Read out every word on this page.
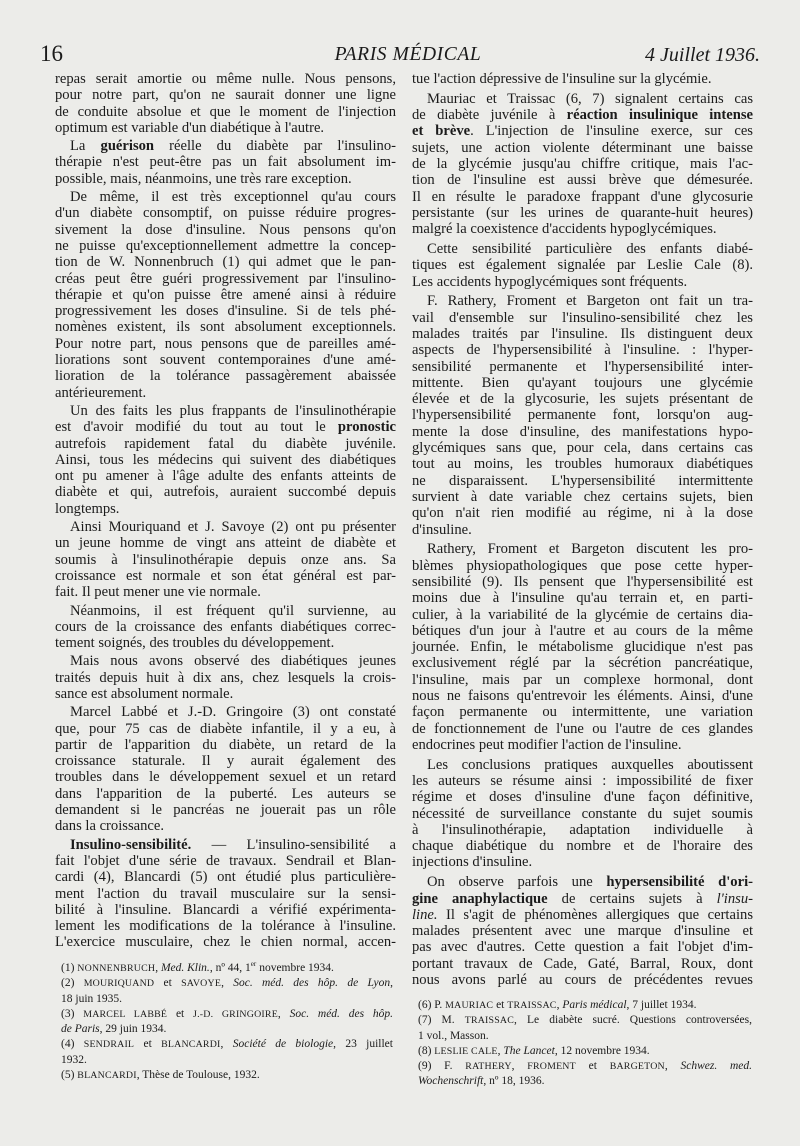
16	PARIS MÉDICAL	4 Juillet 1936.
repas serait amortie ou même nulle. Nous pensons,
pour notre part, qu'on ne saurait donner une ligne
de conduite absolue et que le moment de l'injection
optimum est variable d'un diabétique à l'autre.
La guérison réelle du diabète par l'insulino-
thérapie n'est peut-être pas un fait absolument im-
possible, mais, néanmoins, une très rare exception.
De même, il est très exceptionnel qu'au cours
d'un diabète consomptif, on puisse réduire progres-
sivement la dose d'insuline. Nous pensons qu'on
ne puisse qu'exceptionnellement admettre la concep-
tion de W. Nonnenbruch (1) qui admet que le pan-
créas peut être guéri progressivement par l'insulino-
thérapie et qu'on puisse être amené ainsi à réduire
progressivement les doses d'insuline. Si de tels phé-
nomènes existent, ils sont absolument exceptionnels.
Pour notre part, nous pensons que de pareilles amé-
liorations sont souvent contemporaines d'une amé-
lioration de la tolérance passagèrement abaissée
antérieurement.
Un des faits les plus frappants de l'insulinothérapie
est d'avoir modifié du tout au tout le pronostic
autrefois rapidement fatal du diabète juvénile.
Ainsi, tous les médecins qui suivent des diabétiques
ont pu amener à l'âge adulte des enfants atteints de
diabète et qui, autrefois, auraient succombé depuis
longtemps.
Ainsi Mouriquand et J. Savoye (2) ont pu présenter
un jeune homme de vingt ans atteint de diabète et
soumis à l'insulinothérapie depuis onze ans. Sa
croissance est normale et son état général est par-
fait. Il peut mener une vie normale.
Néanmoins, il est fréquent qu'il survienne, au
cours de la croissance des enfants diabétiques correc-
tement soignés, des troubles du développement.
Mais nous avons observé des diabétiques jeunes
traités depuis huit à dix ans, chez lesquels la crois-
sance est absolument normale.
Marcel Labbé et J.-D. Gringoire (3) ont constaté
que, pour 75 cas de diabète infantile, il y a eu, à
partir de l'apparition du diabète, un retard de la
croissance staturale. Il y aurait également des
troubles dans le développement sexuel et un retard
dans l'apparition de la puberté. Les auteurs se
demandent si le pancréas ne jouerait pas un rôle
dans la croissance.
Insulino-sensibilité. — L'insulino-sensibilité a
fait l'objet d'une série de travaux. Sendrail et Blan-
cardi (4), Blancardi (5) ont étudié plus particulière-
ment l'action du travail musculaire sur la sensi-
bilité à l'insuline. Blancardi a vérifié expérimenta-
lement les modifications de la tolérance à l'insuline.
L'exercice musculaire, chez le chien normal, accen-
tue l'action dépressive de l'insuline sur la glycémie.
Mauriac et Traissac (6, 7) signalent certains cas
de diabète juvénile à réaction insulinique intense
et brève. L'injection de l'insuline exerce, sur ces
sujets, une action violente déterminant une baisse
de la glycémie jusqu'au chiffre critique, mais l'ac-
tion de l'insuline est aussi brève que démesurée.
Il en résulte le paradoxe frappant d'une glycosurie
persistante (sur les urines de quarante-huit heures)
malgré la coexistence d'accidents hypoglycémiques.
Cette sensibilité particulière des enfants diabé-
tiques est également signalée par Leslie Cale (8).
Les accidents hypoglycémiques sont fréquents.
F. Rathery, Froment et Bargeton ont fait un tra-
vail d'ensemble sur l'insulino-sensibilité chez les
malades traités par l'insuline. Ils distinguent deux
aspects de l'hypersensibilité à l'insuline. : l'hyper-
sensibilité permanente et l'hypersensibilité inter-
mittente. Bien qu'ayant toujours une glycémie
élevée et de la glycosurie, les sujets présentant de
l'hypersensibilité permanente font, lorsqu'on aug-
mente la dose d'insuline, des manifestations hypo-
glycémiques sans que, pour cela, dans certains cas
tout au moins, les troubles humoraux diabétiques
ne disparaissent. L'hypersensibilité intermittente
survient à date variable chez certains sujets, bien
qu'on n'ait rien modifié au régime, ni à la dose
d'insuline.
Rathery, Froment et Bargeton discutent les pro-
blèmes physiopathologiques que pose cette hyper-
sensibilité (9). Ils pensent que l'hypersensibilité est
moins due à l'insuline qu'au terrain et, en parti-
culier, à la variabilité de la glycémie de certains dia-
bétiques d'un jour à l'autre et au cours de la même
journée. Enfin, le métabolisme glucidique n'est pas
exclusivement réglé par la sécrétion pancréatique,
l'insuline, mais par un complexe hormonal, dont
nous ne faisons qu'entrevoir les éléments. Ainsi, d'une
façon permanente ou intermittente, une variation
de fonctionnement de l'une ou l'autre de ces glandes
endocrines peut modifier l'action de l'insuline.
Les conclusions pratiques auxquelles aboutissent
les auteurs se résume ainsi : impossibilité de fixer
régime et doses d'insuline d'une façon définitive,
nécessité de surveillance constante du sujet soumis
à l'insulinothérapie, adaptation individuelle à
chaque diabétique du nombre et de l'horaire des
injections d'insuline.
On observe parfois une hypersensibilité d'ori-
gine anaphylactique de certains sujets à l'insu-
line. Il s'agit de phénomènes allergiques que certains
malades présentent avec une marque d'insuline et
pas avec d'autres. Cette question a fait l'objet d'im-
portant travaux de Cade, Gaté, Barral, Roux, dont
nous avons parlé au cours de précédentes revues
(1) NONNENBRUCH, Med. Klin., nº 44, 1er novembre 1934.
(2) MOURIQUAND et SAVOYE, Soc. méd. des hôp. de Lyon,
18 juin 1935.
(3) MARCEL LABBÉ et J.-D. GRINGOIRE, Soc. méd. des hôp.
de Paris, 29 juin 1934.
(4) SENDRAIL et BLANCARDI, Société de biologie, 23 juillet
1932.
(5) BLANCARDI, Thèse de Toulouse, 1932.
(6) P. MAURIAC et TRAISSAC, Paris médical, 7 juillet 1934.
(7) M. TRAISSAC, Le diabète sucré. Questions controversées,
1 vol., Masson.
(8) LESLIE CALE, The Lancet, 12 novembre 1934.
(9) F. RATHERY, FROMENT et BARGETON, Schwez. med.
Wochenschrift, nº 18, 1936.
